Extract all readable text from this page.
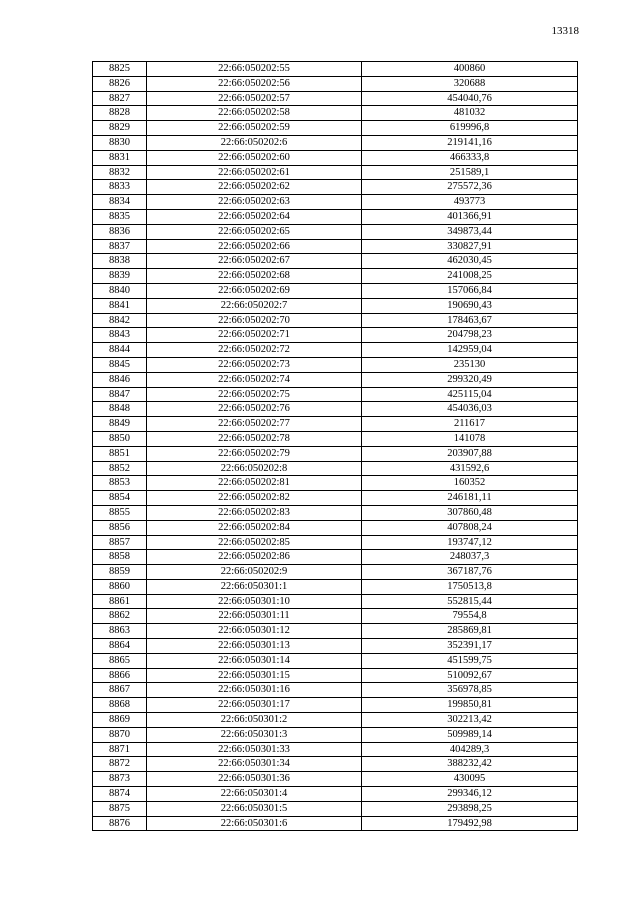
13318
8825	22:66:050202:55	400860
8826	22:66:050202:56	320688
8827	22:66:050202:57	454040,76
8828	22:66:050202:58	481032
8829	22:66:050202:59	619996,8
8830	22:66:050202:6	219141,16
8831	22:66:050202:60	466333,8
8832	22:66:050202:61	251589,1
8833	22:66:050202:62	275572,36
8834	22:66:050202:63	493773
8835	22:66:050202:64	401366,91
8836	22:66:050202:65	349873,44
8837	22:66:050202:66	330827,91
8838	22:66:050202:67	462030,45
8839	22:66:050202:68	241008,25
8840	22:66:050202:69	157066,84
8841	22:66:050202:7	190690,43
8842	22:66:050202:70	178463,67
8843	22:66:050202:71	204798,23
8844	22:66:050202:72	142959,04
8845	22:66:050202:73	235130
8846	22:66:050202:74	299320,49
8847	22:66:050202:75	425115,04
8848	22:66:050202:76	454036,03
8849	22:66:050202:77	211617
8850	22:66:050202:78	141078
8851	22:66:050202:79	203907,88
8852	22:66:050202:8	431592,6
8853	22:66:050202:81	160352
8854	22:66:050202:82	246181,11
8855	22:66:050202:83	307860,48
8856	22:66:050202:84	407808,24
8857	22:66:050202:85	193747,12
8858	22:66:050202:86	248037,3
8859	22:66:050202:9	367187,76
8860	22:66:050301:1	1750513,8
8861	22:66:050301:10	552815,44
8862	22:66:050301:11	79554,8
8863	22:66:050301:12	285869,81
8864	22:66:050301:13	352391,17
8865	22:66:050301:14	451599,75
8866	22:66:050301:15	510092,67
8867	22:66:050301:16	356978,85
8868	22:66:050301:17	199850,81
8869	22:66:050301:2	302213,42
8870	22:66:050301:3	509989,14
8871	22:66:050301:33	404289,3
8872	22:66:050301:34	388232,42
8873	22:66:050301:36	430095
8874	22:66:050301:4	299346,12
8875	22:66:050301:5	293898,25
8876	22:66:050301:6	179492,98
